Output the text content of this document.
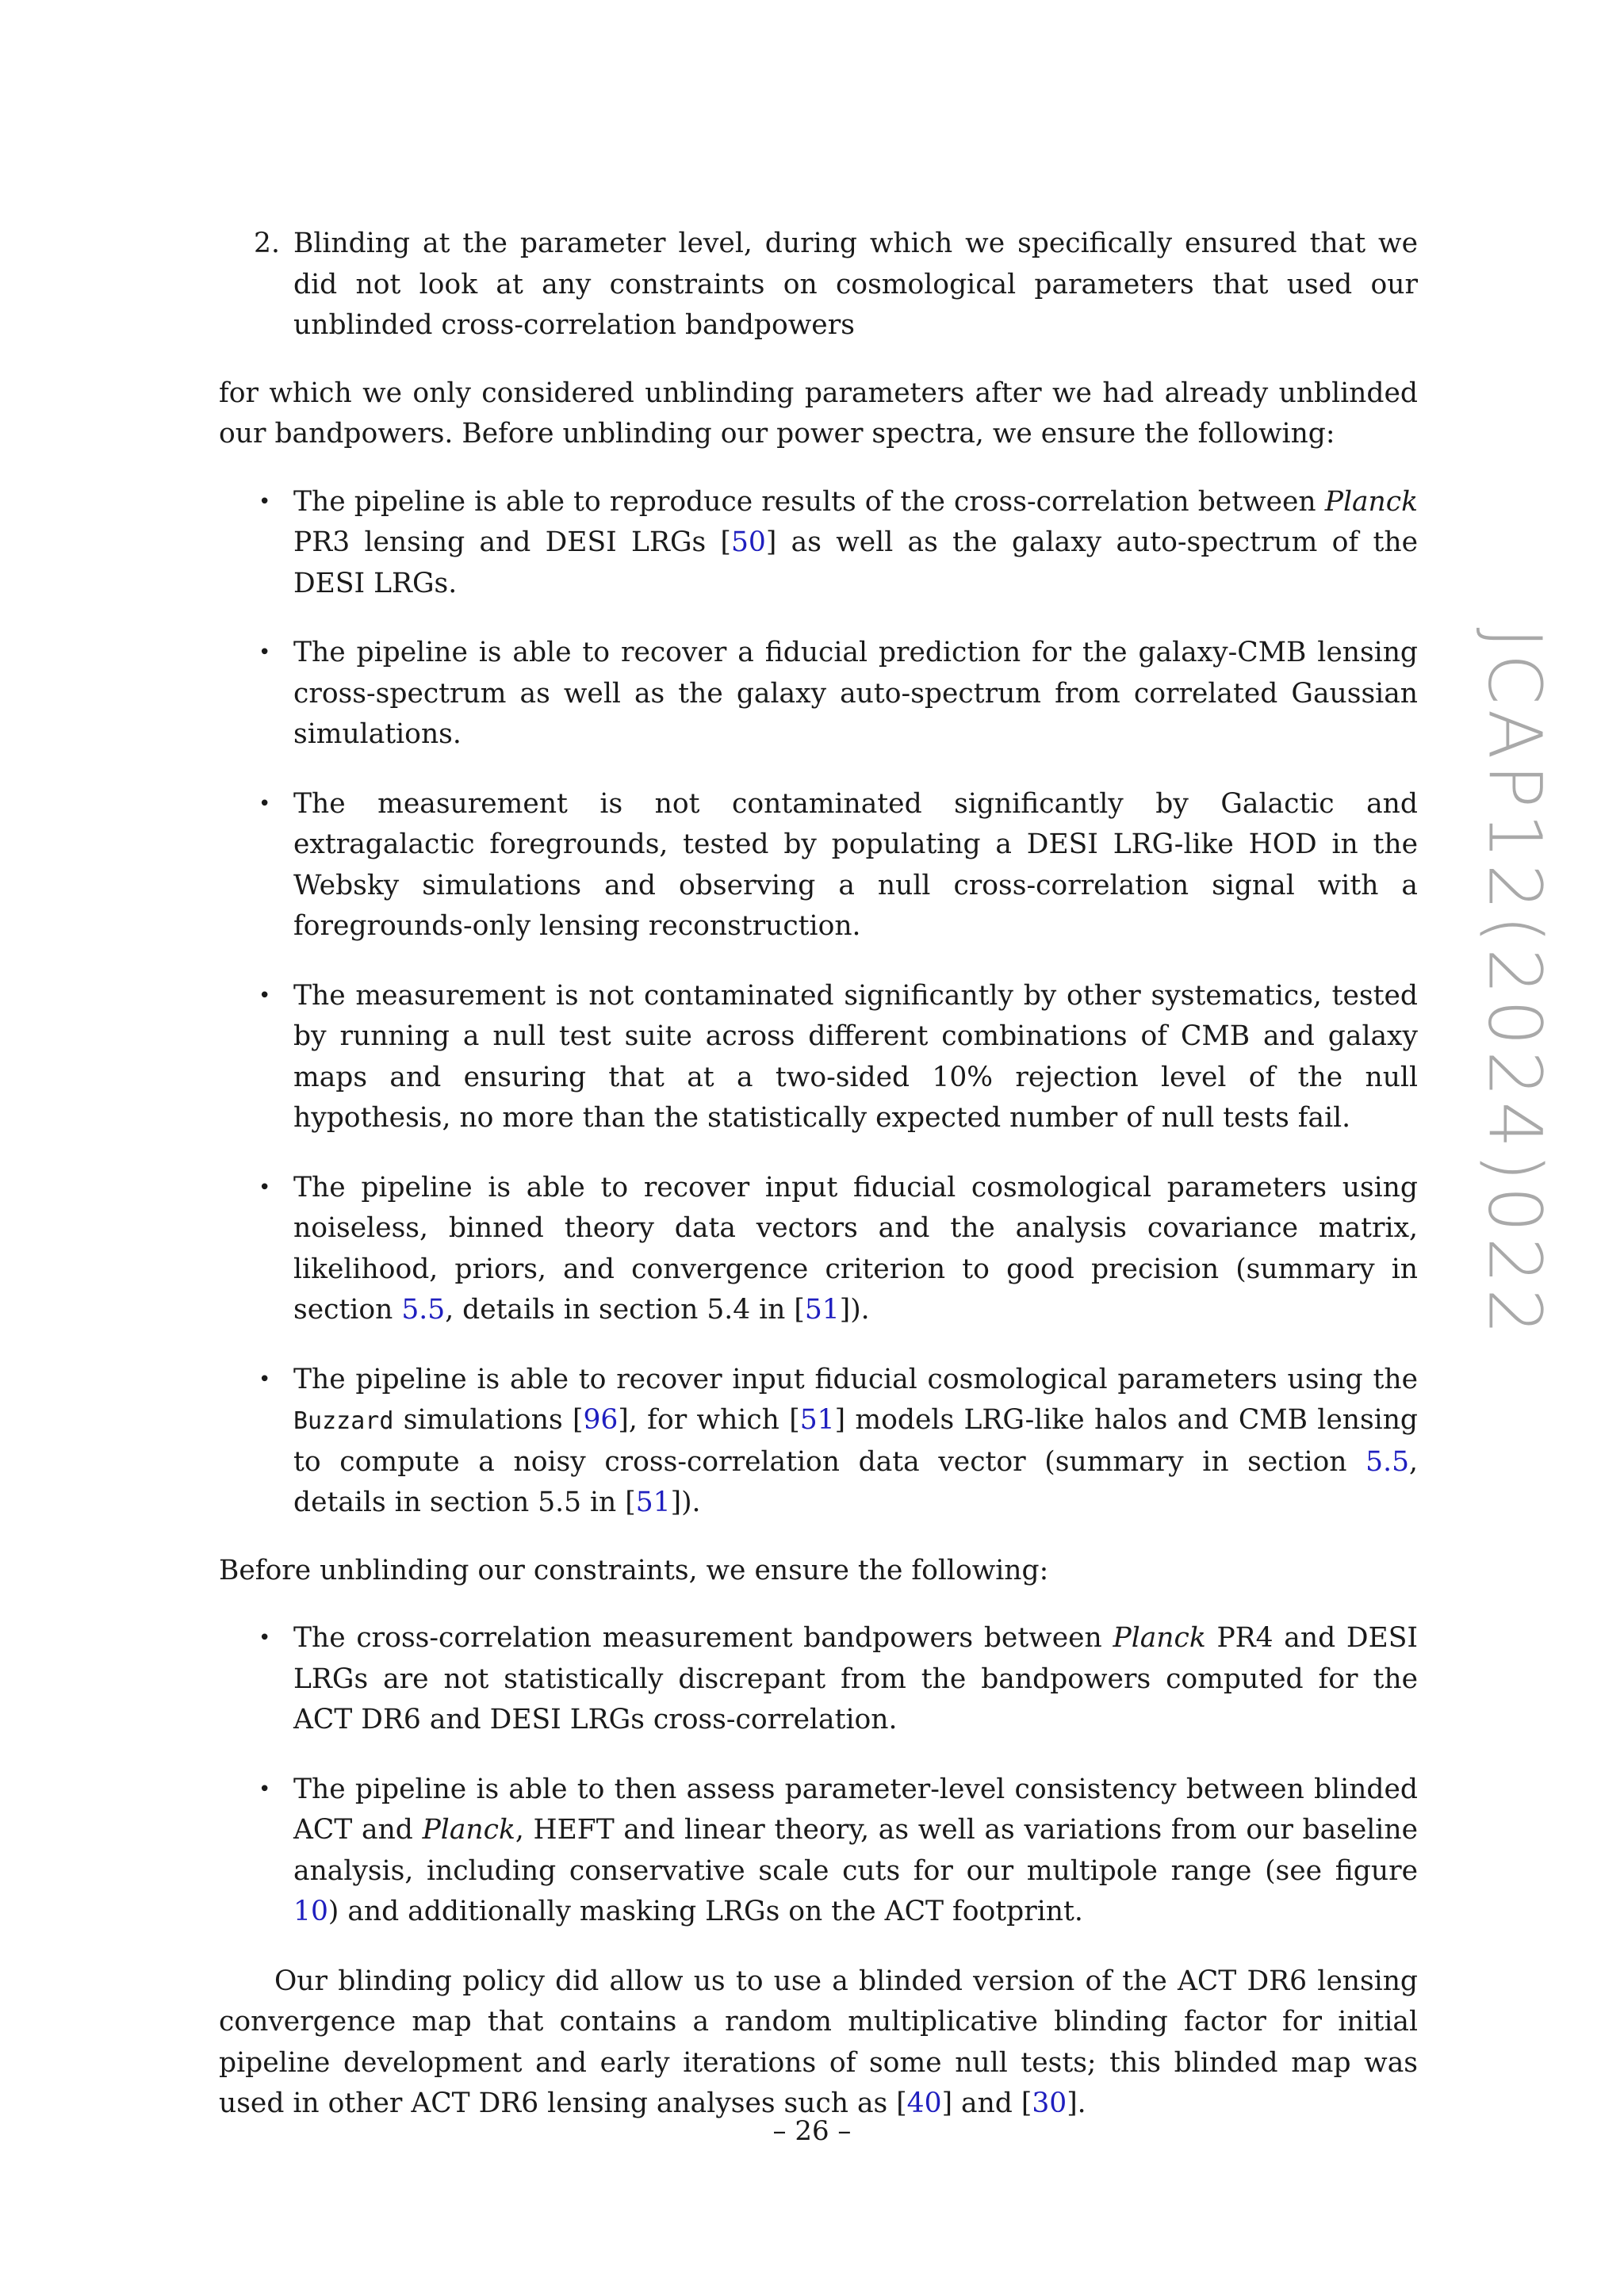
2. Blinding at the parameter level, during which we specifically ensured that we did not look at any constraints on cosmological parameters that used our unblinded cross-correlation bandpowers

for which we only considered unblinding parameters after we had already unblinded our bandpowers. Before unblinding our power spectra, we ensure the following:

• The pipeline is able to reproduce results of the cross-correlation between Planck PR3 lensing and DESI LRGs [50] as well as the galaxy auto-spectrum of the DESI LRGs.
• The pipeline is able to recover a fiducial prediction for the galaxy-CMB lensing cross-spectrum as well as the galaxy auto-spectrum from correlated Gaussian simulations.
• The measurement is not contaminated significantly by Galactic and extragalactic foregrounds, tested by populating a DESI LRG-like HOD in the Websky simulations and observing a null cross-correlation signal with a foregrounds-only lensing reconstruction.
• The measurement is not contaminated significantly by other systematics, tested by running a null test suite across different combinations of CMB and galaxy maps and ensuring that at a two-sided 10% rejection level of the null hypothesis, no more than the statistically expected number of null tests fail.
• The pipeline is able to recover input fiducial cosmological parameters using noiseless, binned theory data vectors and the analysis covariance matrix, likelihood, priors, and convergence criterion to good precision (summary in section 5.5, details in section 5.4 in [51]).
• The pipeline is able to recover input fiducial cosmological parameters using the Buzzard simulations [96], for which [51] models LRG-like halos and CMB lensing to compute a noisy cross-correlation data vector (summary in section 5.5, details in section 5.5 in [51]).

Before unblinding our constraints, we ensure the following:

• The cross-correlation measurement bandpowers between Planck PR4 and DESI LRGs are not statistically discrepant from the bandpowers computed for the ACT DR6 and DESI LRGs cross-correlation.
• The pipeline is able to then assess parameter-level consistency between blinded ACT and Planck, HEFT and linear theory, as well as variations from our baseline analysis, including conservative scale cuts for our multipole range (see figure 10) and additionally masking LRGs on the ACT footprint.

Our blinding policy did allow us to use a blinded version of the ACT DR6 lensing convergence map that contains a random multiplicative blinding factor for initial pipeline development and early iterations of some null tests; this blinded map was used in other ACT DR6 lensing analyses such as [40] and [30].

– 26 –
JCAP12(2024)022
